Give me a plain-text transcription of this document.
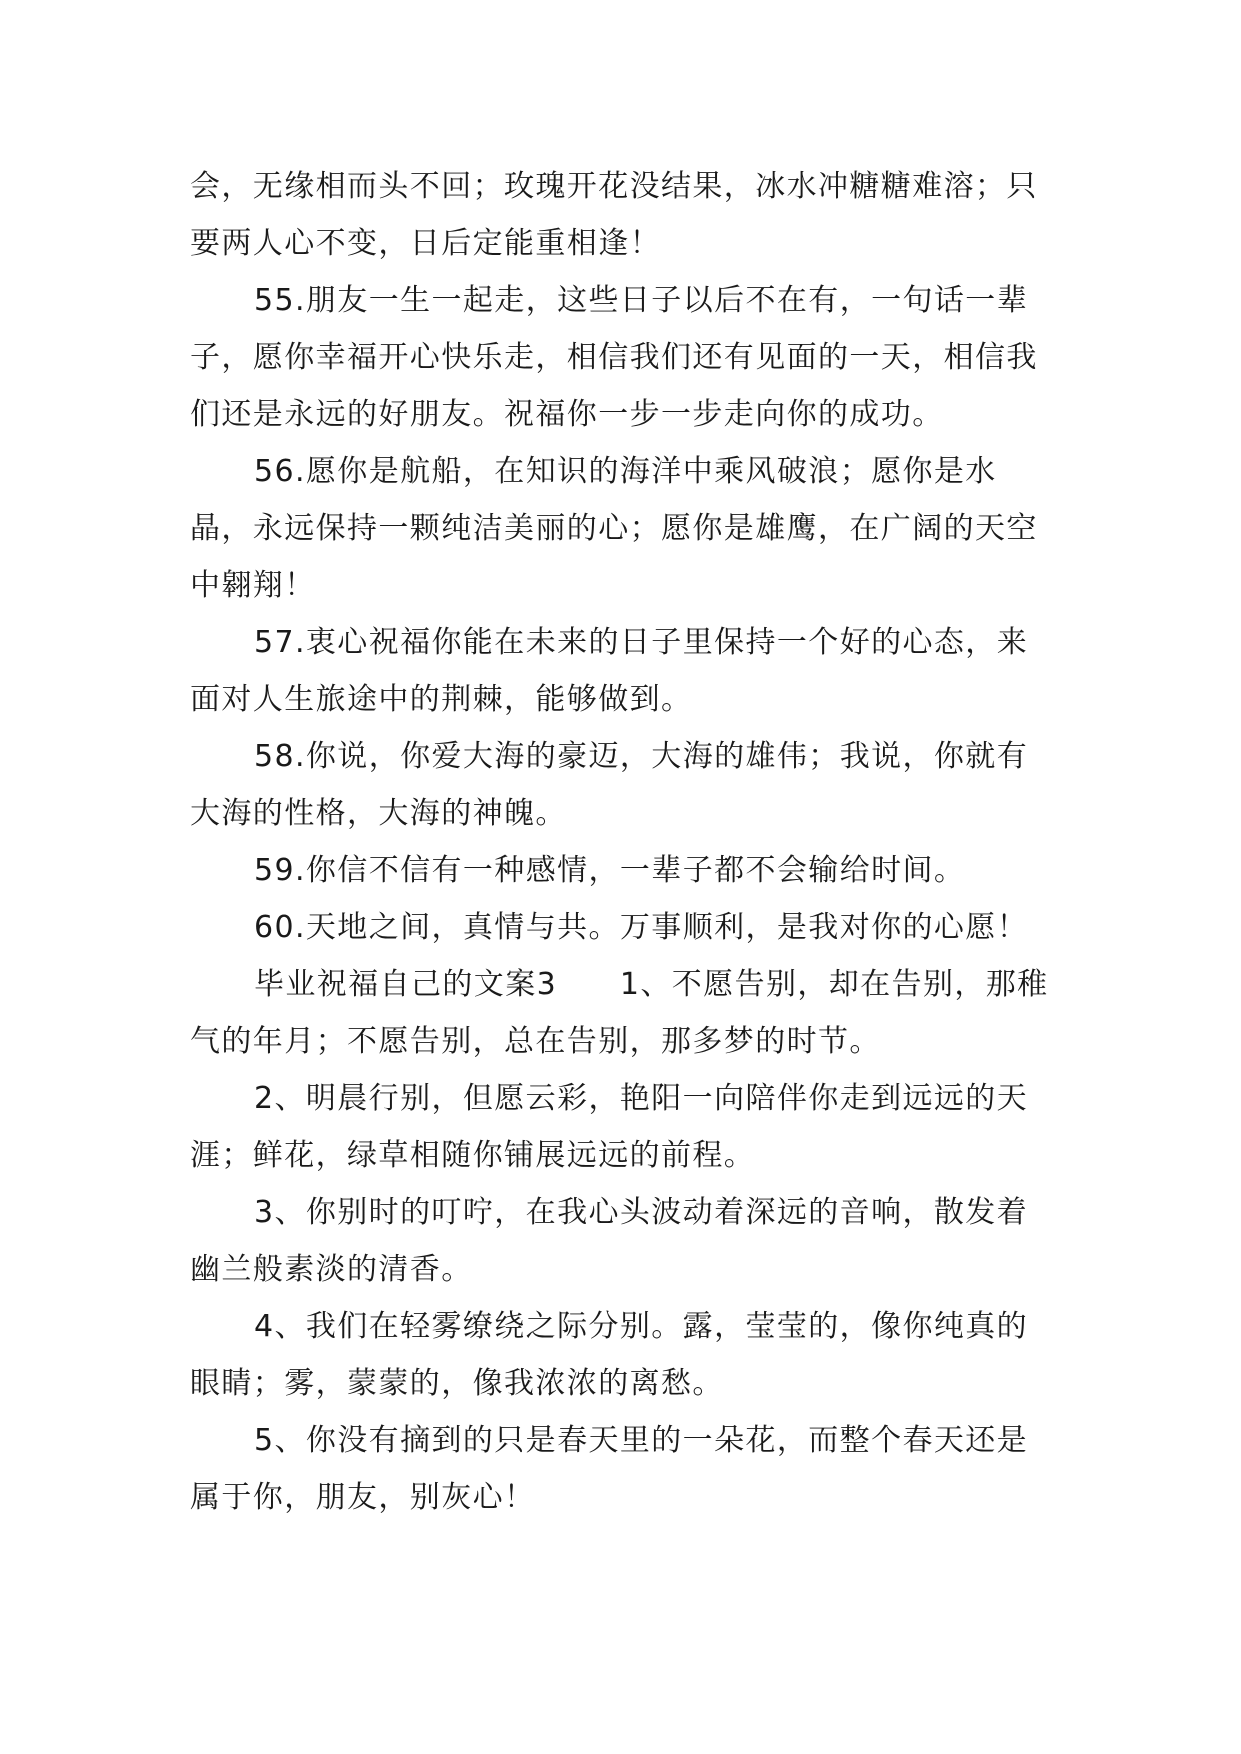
会，无缘相而头不回；玫瑰开花没结果，冰水冲糖糖难溶；只要两人心不变，日后定能重相逢！

55.朋友一生一起走，这些日子以后不在有，一句话一辈子，愿你幸福开心快乐走，相信我们还有见面的一天，相信我们还是永远的好朋友。祝福你一步一步走向你的成功。

56.愿你是航船，在知识的海洋中乘风破浪；愿你是水晶，永远保持一颗纯洁美丽的心；愿你是雄鹰，在广阔的天空中翱翔！

57.衷心祝福你能在未来的日子里保持一个好的心态，来面对人生旅途中的荆棘，能够做到。

58.你说，你爱大海的豪迈，大海的雄伟；我说，你就有大海的性格，大海的神魄。

59.你信不信有一种感情，一辈子都不会输给时间。

60.天地之间，真情与共。万事顺利，是我对你的心愿！

毕业祝福自己的文案3　　1、不愿告别，却在告别，那稚气的年月；不愿告别，总在告别，那多梦的时节。

2、明晨行别，但愿云彩，艳阳一向陪伴你走到远远的天涯；鲜花，绿草相随你铺展远远的前程。

3、你别时的叮咛，在我心头波动着深远的音响，散发着幽兰般素淡的清香。

4、我们在轻雾缭绕之际分别。露，莹莹的，像你纯真的眼睛；雾，蒙蒙的，像我浓浓的离愁。

5、你没有摘到的只是春天里的一朵花，而整个春天还是属于你，朋友，别灰心！
